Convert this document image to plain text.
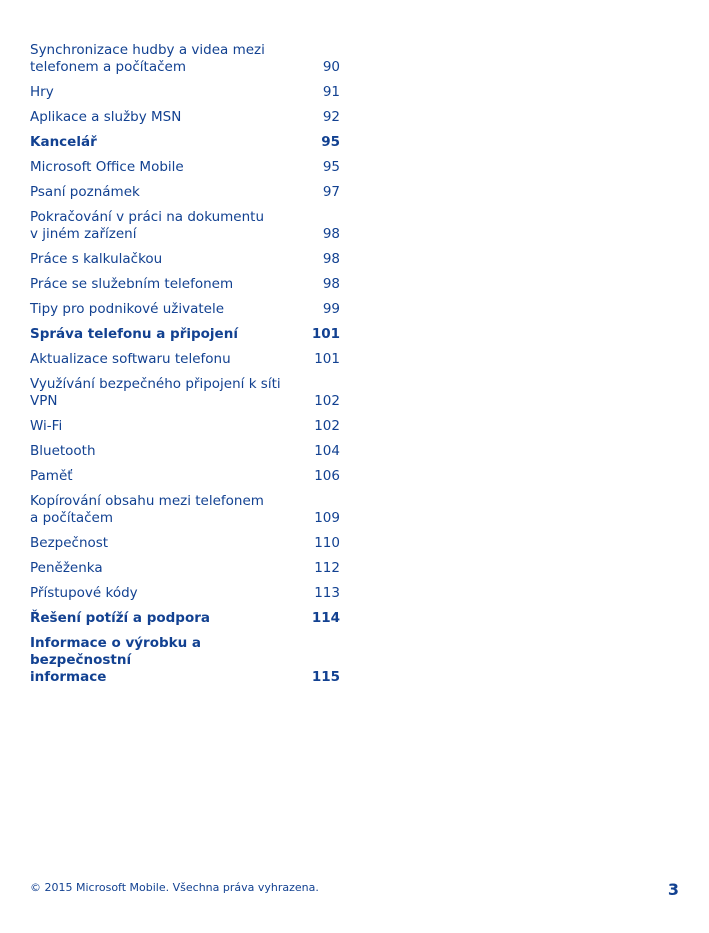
Synchronizace hudby a videa mezi
telefonem a počítačem	90
Hry	91
Aplikace a služby MSN	92
Kancelář	95
Microsoft Office Mobile	95
Psaní poznámek	97
Pokračování v práci na dokumentu
v jiném zařízení	98
Práce s kalkulačkou	98
Práce se služebním telefonem	98
Tipy pro podnikové uživatele	99
Správa telefonu a připojení	101
Aktualizace softwaru telefonu	101
Využívání bezpečného připojení k síti VPN	102
Wi-Fi	102
Bluetooth	104
Paměť	106
Kopírování obsahu mezi telefonem
a počítačem	109
Bezpečnost	110
Peněženka	112
Přístupové kódy	113
Řešení potíží a podpora	114
Informace o výrobku a bezpečnostní
informace	115
© 2015 Microsoft Mobile. Všechna práva vyhrazena.	3
